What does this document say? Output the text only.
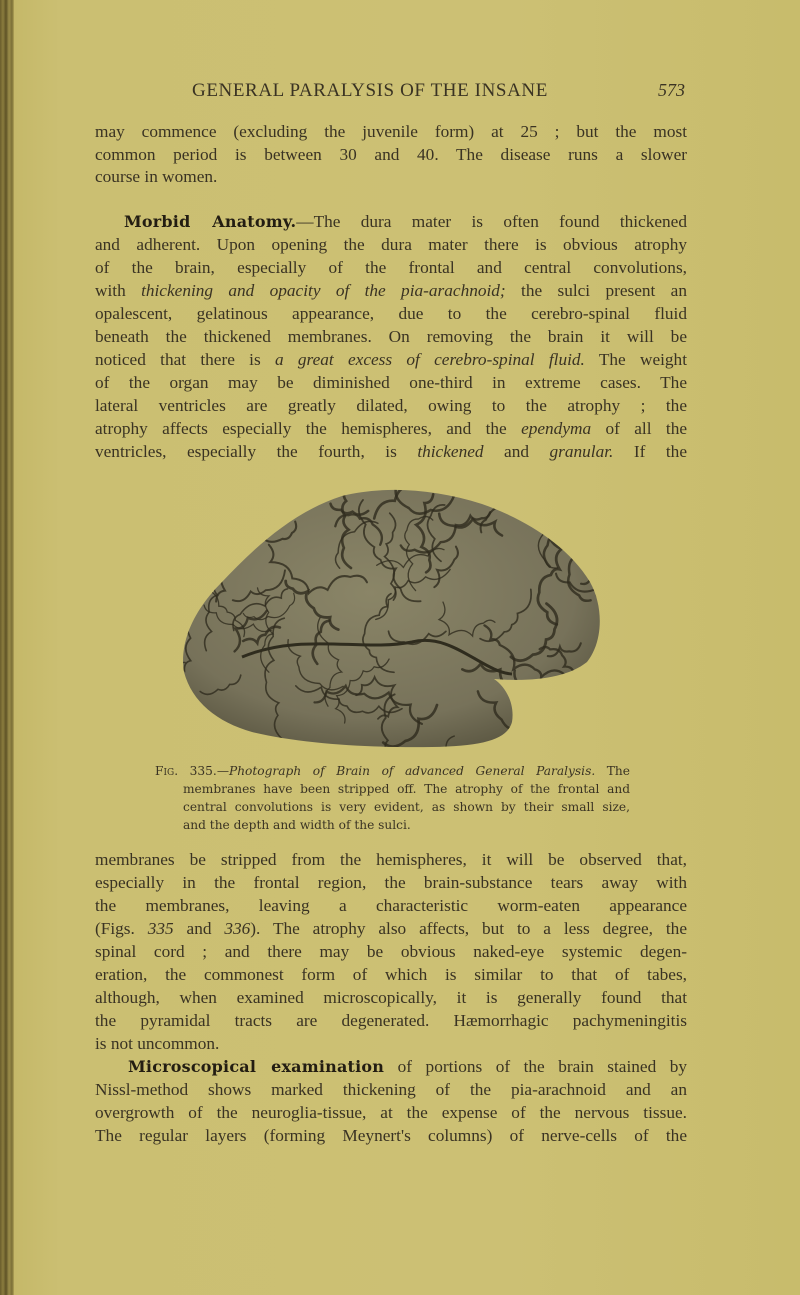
GENERAL PARALYSIS OF THE INSANE	573
may commence (excluding the juvenile form) at 25 ; but the most
common period is between 30 and 40. The disease runs a slower
course in women.
Morbid Anatomy.—The dura mater is often found thickened
and adherent. Upon opening the dura mater there is obvious atrophy
of the brain, especially of the frontal and central convolutions,
with thickening and opacity of the pia-arachnoid; the sulci present an
opalescent, gelatinous appearance, due to the cerebro-spinal fluid
beneath the thickened membranes. On removing the brain it will be
noticed that there is a great excess of cerebro-spinal fluid. The weight
of the organ may be diminished one-third in extreme cases. The
lateral ventricles are greatly dilated, owing to the atrophy ; the
atrophy affects especially the hemispheres, and the ependyma of all the
ventricles, especially the fourth, is thickened and granular. If the
Fig. 335.—Photograph of Brain of advanced General Paralysis. The
membranes have been stripped off. The atrophy of the frontal and
central convolutions is very evident, as shown by their small size,
and the depth and width of the sulci.
membranes be stripped from the hemispheres, it will be observed that,
especially in the frontal region, the brain-substance tears away with
the membranes, leaving a characteristic worm-eaten appearance
(Figs. 335 and 336). The atrophy also affects, but to a less degree, the
spinal cord ; and there may be obvious naked-eye systemic degen-
eration, the commonest form of which is similar to that of tabes,
although, when examined microscopically, it is generally found that
the pyramidal tracts are degenerated. Hæmorrhagic pachymeningitis
is not uncommon.
Microscopical examination of portions of the brain stained by
Nissl-method shows marked thickening of the pia-arachnoid and an
overgrowth of the neuroglia-tissue, at the expense of the nervous tissue.
The regular layers (forming Meynert's columns) of nerve-cells of the
